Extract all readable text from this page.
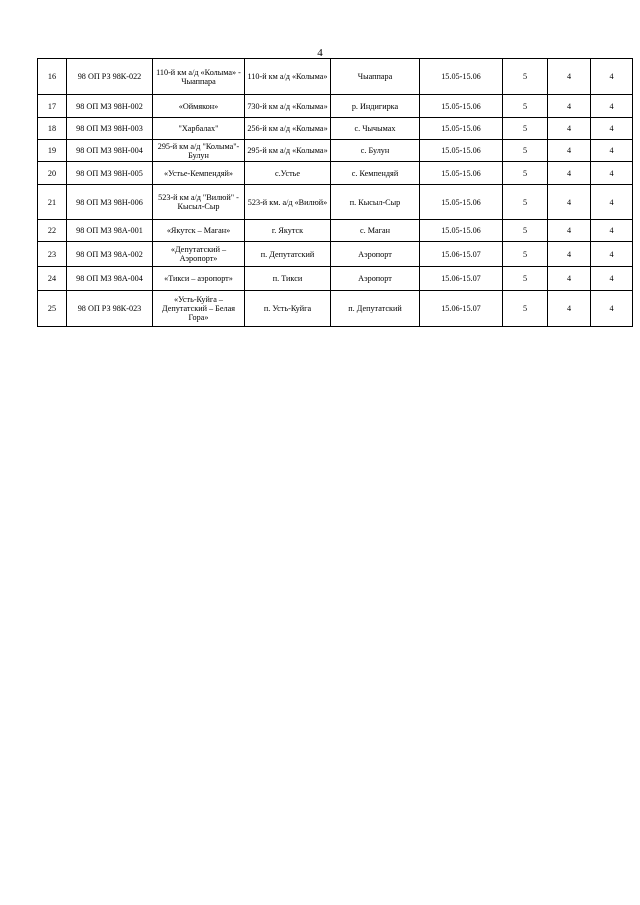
4
16	98 ОП РЗ 98К-022	110-й км а/д «Колыма» - Чыаппара	110-й км а/д «Колыма»	Чыаппара	15.05-15.06	5	4	4
17	98 ОП МЗ 98Н-002	«Оймякон»	730-й км а/д «Колыма»	р. Индигирка	15.05-15.06	5	4	4
18	98 ОП МЗ 98Н-003	"Харбалах"	256-й км а/д «Колыма»	с. Чычымах	15.05-15.06	5	4	4
19	98 ОП МЗ 98Н-004	295-й км а/д "Колыма"- Булун	295-й км а/д «Колыма»	с. Булун	15.05-15.06	5	4	4
20	98 ОП МЗ 98Н-005	«Устье-Кемпендяй»	с.Устье	с. Кемпендяй	15.05-15.06	5	4	4
21	98 ОП МЗ 98Н-006	523-й км а/д "Вилюй" - Кысыл-Сыр	523-й км. а/д «Вилюй»	п. Кысыл-Сыр	15.05-15.06	5	4	4
22	98 ОП МЗ 98А-001	«Якутск – Маган»	г. Якутск	с. Маган	15.05-15.06	5	4	4
23	98 ОП МЗ 98А-002	«Депутатский – Аэропорт»	п. Депутатский	Аэропорт	15.06-15.07	5	4	4
24	98 ОП МЗ 98А-004	«Тикси – аэропорт»	п. Тикси	Аэропорт	15.06-15.07	5	4	4
25	98 ОП РЗ 98К-023	«Усть-Куйга – Депутатский – Белая Гора»	п. Усть-Куйга	п. Депутатский	15.06-15.07	5	4	4
